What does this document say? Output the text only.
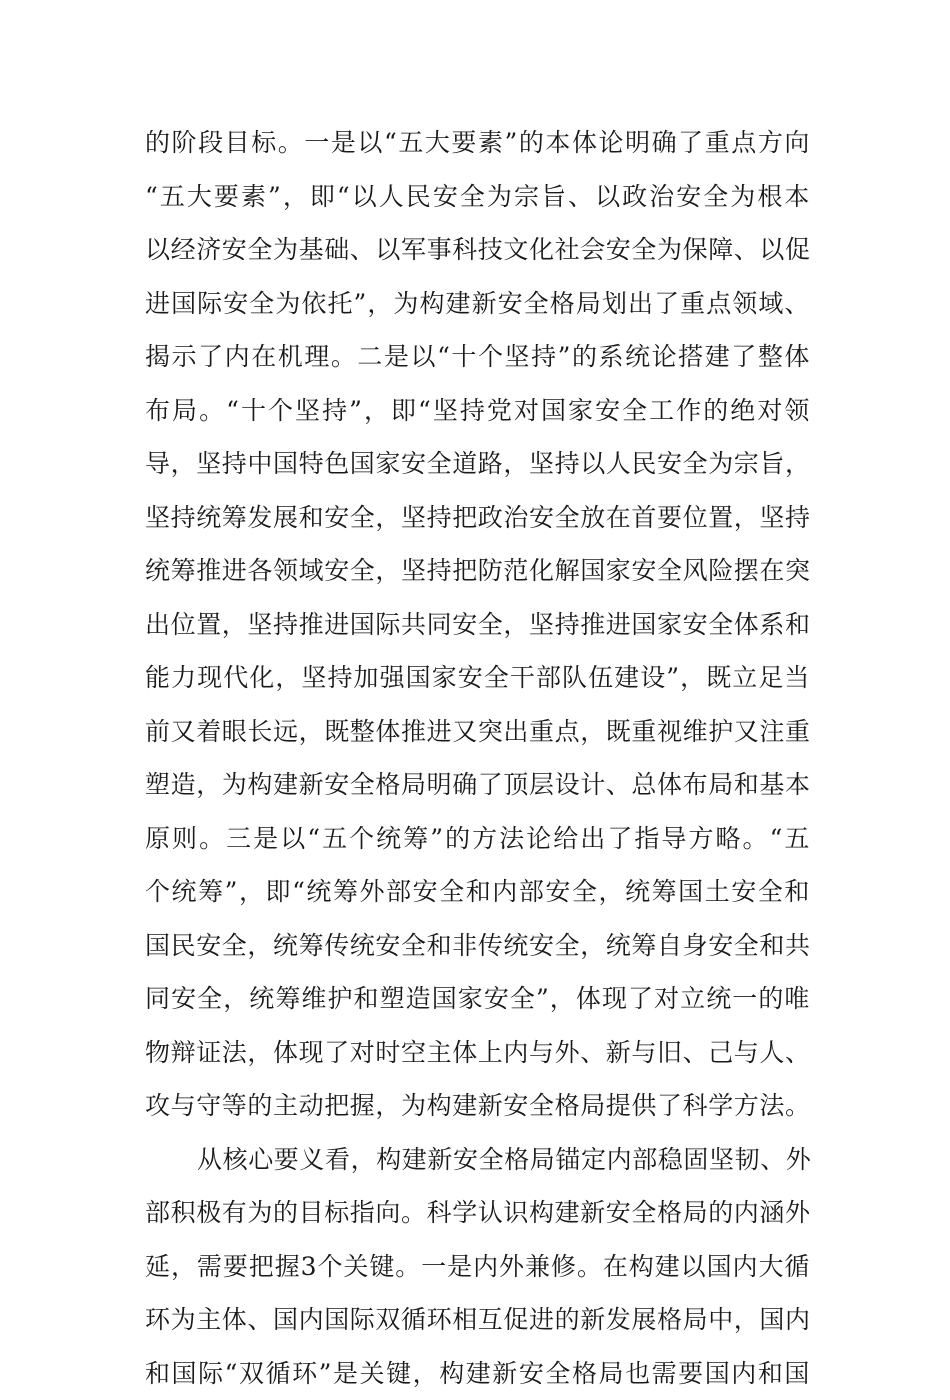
的阶段目标。一是以“五大要素”的本体论明确了重点方向
“五大要素”，即“以人民安全为宗旨、以政治安全为根本
以经济安全为基础、以军事科技文化社会安全为保障、以促
进国际安全为依托”，为构建新安全格局划出了重点领域、
揭示了内在机理。二是以“十个坚持”的系统论搭建了整体
布局。“十个坚持”，即“坚持党对国家安全工作的绝对领
导，坚持中国特色国家安全道路，坚持以人民安全为宗旨，
坚持统筹发展和安全，坚持把政治安全放在首要位置，坚持
统筹推进各领域安全，坚持把防范化解国家安全风险摆在突
出位置，坚持推进国际共同安全，坚持推进国家安全体系和
能力现代化，坚持加强国家安全干部队伍建设”，既立足当
前又着眼长远，既整体推进又突出重点，既重视维护又注重
塑造，为构建新安全格局明确了顶层设计、总体布局和基本
原则。三是以“五个统筹”的方法论给出了指导方略。“五
个统筹”，即“统筹外部安全和内部安全，统筹国土安全和
国民安全，统筹传统安全和非传统安全，统筹自身安全和共
同安全，统筹维护和塑造国家安全”，体现了对立统一的唯
物辩证法，体现了对时空主体上内与外、新与旧、己与人、
攻与守等的主动把握，为构建新安全格局提供了科学方法。
从核心要义看，构建新安全格局锚定内部稳固坚韧、外
部积极有为的目标指向。科学认识构建新安全格局的内涵外
延，需要把握3个关键。一是内外兼修。在构建以国内大循
环为主体、国内国际双循环相互促进的新发展格局中，国内
和国际“双循环”是关键，构建新安全格局也需要国内和国
